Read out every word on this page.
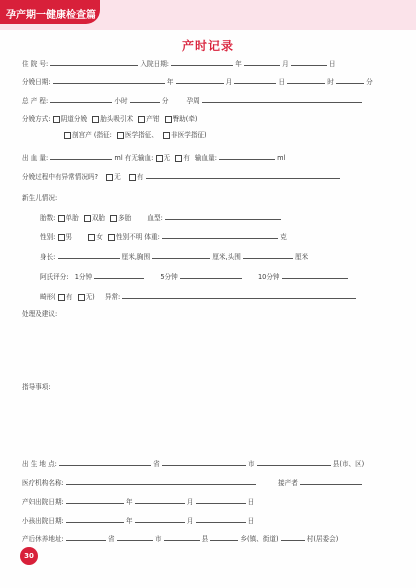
孕产期一健康检查篇
产时记录
住 院 号:	入院日期:	年	月	日
分娩日期:	年	月	日	时	分
总 产 程:	小时	分	孕周
分娩方式: 阴道分娩 胎头吸引术 产钳 臀助(牵)
剖宫产 (指征: 医学指征、 非医学指征)
出 血 量:	ml 有无输血: 无 有 输血量:	ml
分娩过程中有异常情况吗? 无 有
新生儿情况:
胎数: 单胎 双胎 多胎 血型:
性别: 男	女 性别不明 体重:	克
身长:	厘米,胸围	厘米,头围	厘米
阿氏评分: 1分钟	5分钟	10分钟
畸形( 有 无) 异常:
处理及建议:
指导事项:
出 生 地 点:	省	市	县(市、区)
医疗机构名称:	接产者
产妇出院日期:	年	月	日
小孩出院日期:	年	月	日
产后休养地址:	省	市	县	乡(镇、街道)	村(居委会)
30
